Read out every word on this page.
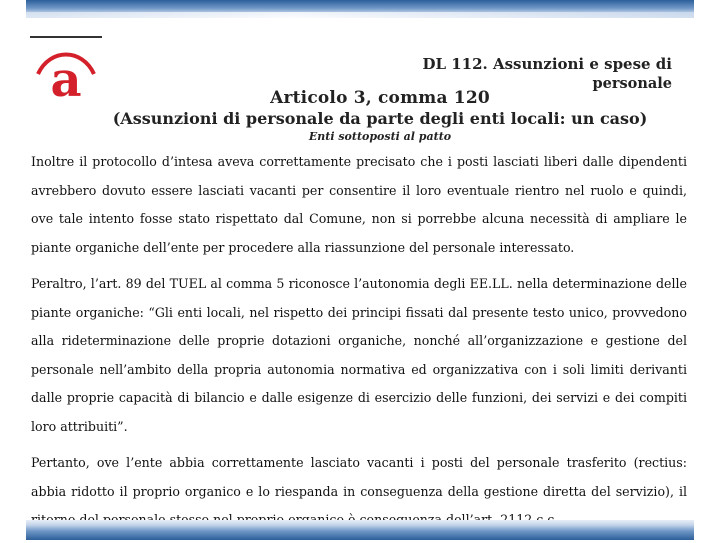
a	DL 112. Assunzioni e spese di
personale
Articolo 3, comma 120
(Assunzioni di personale da parte degli enti locali: un caso)
Enti sottoposti al patto

Inoltre il protocollo d’intesa aveva correttamente precisato che i posti lasciati liberi dalle dipendenti avrebbero dovuto essere lasciati vacanti per consentire il loro eventuale rientro nel ruolo e quindi, ove tale intento fosse stato rispettato dal Comune, non si porrebbe alcuna necessità di ampliare le piante organiche dell’ente per procedere alla riassunzione del personale interessato.

Peraltro, l’art. 89 del TUEL al comma 5 riconosce l’autonomia degli EE.LL. nella determinazione delle piante organiche: “Gli enti locali, nel rispetto dei principi fissati dal presente testo unico, provvedono alla rideterminazione delle proprie dotazioni organiche, nonché all’organizzazione e gestione del personale nell’ambito della propria autonomia normativa ed organizzativa con i soli limiti derivanti dalle proprie capacità di bilancio e dalle esigenze di esercizio delle funzioni, dei servizi e dei compiti loro attribuiti”.

Pertanto, ove l’ente abbia correttamente lasciato vacanti i posti del personale trasferito (rectius: abbia ridotto il proprio organico e lo riespanda in conseguenza della gestione diretta del servizio), il
